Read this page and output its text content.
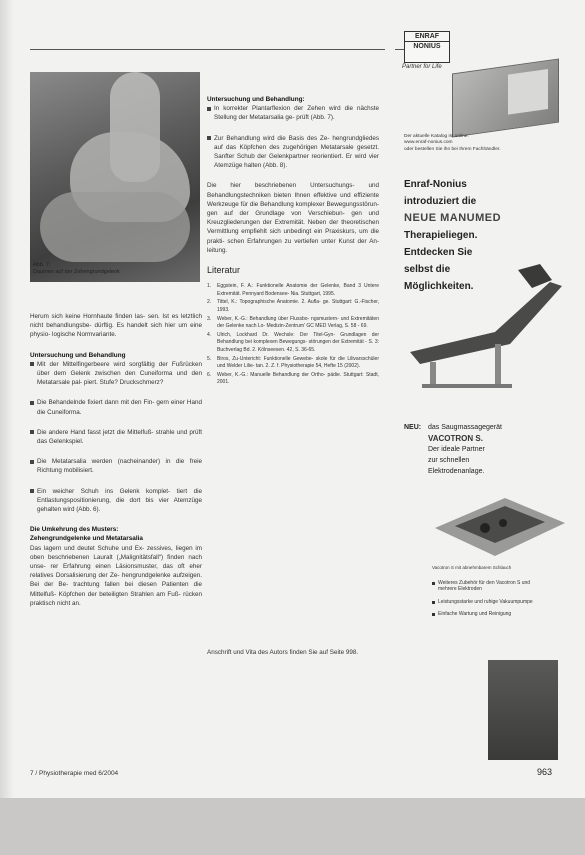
Abb. 7:
Daumen auf der Zehengrundgelenk

Herum sich keine Hornhaute finden las- sen. Ist es letztlich nicht behandlungsbe- dürftig. Es handelt sich hier um eine physio- logische Normvariante.

Untersuchung und Behandlung
Mit der Mittelfingerbeere wird sorgfältig der Fußrücken über dem Gelenk zwischen den Cuneiforma und den Metatarsale pal- piert. Stufe? Druckschmerz?
Die Behandelnde fixiert dann mit den Fin- gern einer Hand die Cuneiforma.
Die andere Hand fasst jetzt die Mittelfuß- strahle und prüft das Gelenkspiel.
Die Metatarsalia werden (nacheinander) in die freie Richtung mobilisiert.
Ein weicher Schuh ins Gelenk komplet- tiert die Entlastungspositionierung, die dort bis vier Atemzüge gehalten wird (Abb. 6).
Die Umkehrung des Musters:
Zehengrundgelenke und Metatarsalia

Das lagern und deutet Schuhe und Ex- zessives, Iiegen im oben beschriebenen Lauralt („Malignitätsfall“) finden nach unse- rer Erfahrung einen Läsionsmuster, das oft eher relatives Dorsalisierung der Ze- hengrundgelenke aufzeigen. Bei der Be- trachtung fallen bei diesen Patienten die Mittelfuß- Köpfchen der beteiligten Strahlen am Fuß- rücken praktisch nicht an.

Untersuchung und Behandlung:
In korrekter Plantarflexion der Zehen wird die nächste Stellung der Metatarsalia ge- prüft (Abb. 7).
Zur Behandlung wird die Basis des Ze- hengrundgliedes auf das Köpfchen des zugehörigen Metatarsale gesetzt. Sanfter Schub der Gelenkpartner reorientiert. Er wird vier Atemzüge halten (Abb. 8).

Die hier beschriebenen Untersuchungs- und Behandlungstechniken bieten Ihnen effektive und effiziente Werkzeuge für die Behandlung komplexer Bewegungsstörun- gen auf der Grundlage von Verschiebun- gen und Kreuzgliederungen der Extremität. Neben der theoretischen Vermittlung empfiehlt sich unbedingt ein Praxiskurs, um die prakti- schen Erfahrungen zu vertiefen unter Kunst der An- leitung.

Literatur
1. Eggstein, F. A.: Funktionelle Anatomie der Gelenke, Band 3 Untere Extremität. Pennyard Bodensee- Nia. Stuttgart, 1995.
2. Tittel, K.: Topographische Anatomie. 2. Aufla- ge. Stuttgart: G.-Fischer, 1993.
3. Weber, K.-G.: Behandlung über Flussbo- ngsmustern- und Extremitäten der Gelenke nach Lo- Medizin-Zentrum' GC MED Verlag, S. 58 - 69.
4. Ulrich, Lockhard Dr. Wechsle: Der Titel-Gyn- Grundlagen der Behandlung bei komplexen Bewegungs- störungen der Extremität - S. 3: Buchverlag Bd. 2. Kölnseesen. 42, S. 36-65.
5. Biros, Zu-Untericht: Funktionelle Gewebe- skole für die Lilivarsschüler und Welder Lilie- tan. 2. Z. f. Physiotherapie 54, Hefte 15 (2002).
6. Weber, K.-G.: Manuelle Behandlung der Ortho- pädie. Stuttgart: Stadt, 2001.
Anschrift und Vita des Autors finden Sie auf Seite 998.
ENRAF
NONIUS
Partner for Life
Der aktuelle Katalog ist online:
www.enraf-nonius.com
oder bestellen Sie ihn bei Ihrem Fachhändler.
Enraf-Nonius
introduziert die
NEUE MANUMED
Therapieliegen.
Entdecken Sie
selbst die
Möglichkeiten.
NEU: das Saugmassagegerät
VACOTRON S.
Der ideale Partner
zur schnellen
Elektrodenanlage.
Vacotron S mit abnehmbarem Schlauch
Weiteres Zubehör für den Vacotron S und mehrere Elektroden
Leistungsstarke und ruhige Vakuumpumpe
Einfache Wartung und Reinigung
7 / Physiotherapie med 6/2004	963
